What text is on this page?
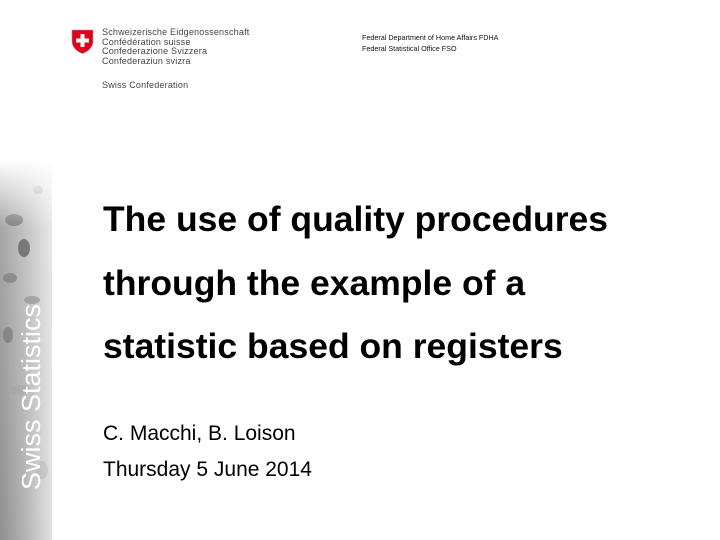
Schweizerische Eidgenossenschaft
Confédération suisse
Confederazione Svizzera
Confederaziun svizra
Swiss Confederation
Federal Department of Home Affairs FDHA
Federal Statistical Office FSO
Swiss Statistics
The use of quality procedures
through the example of a
statistic based on registers
C. Macchi, B. Loison
Thursday 5 June 2014
